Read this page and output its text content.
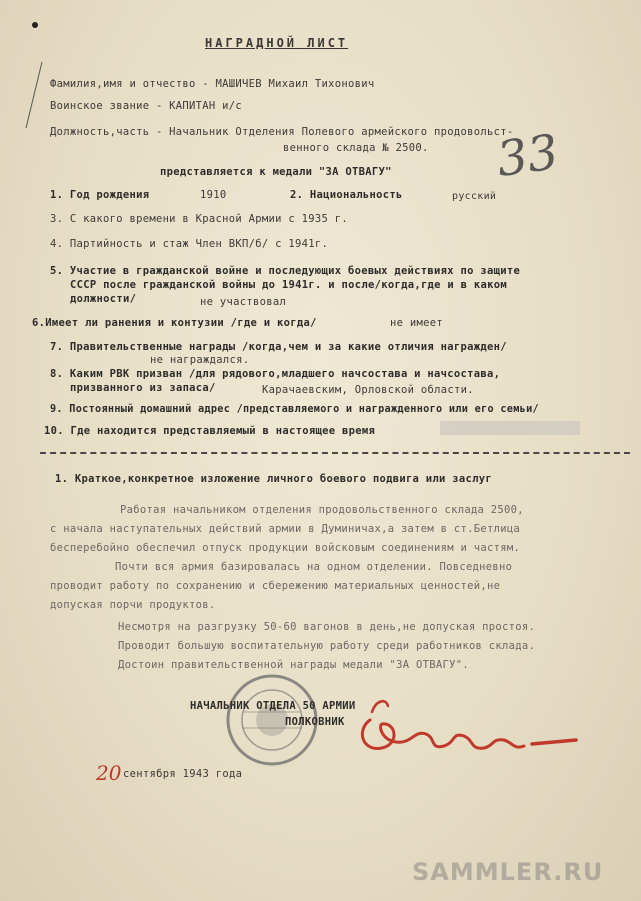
НАГРАДНОЙ ЛИСТ
Фамилия,имя и отчество - МАШИЧЕВ Михаил Тихонович
Воинское звание - КАПИТАН и/с
Должность,часть - Начальник Отделения Полевого армейского продовольст-
венного склада № 2500.
представляется к медали "ЗА ОТВАГУ" 33
1. Год рождения	1910	2. Национальность	русский
3. С какого времени в Красной Армии с 1935 г.
4. Партийность и стаж Член ВКП/б/ с 1941г.
5. Участие в гражданской войне и последующих боевых действиях по защите
СССР после гражданской войны до 1941г. и после/когда,где и в каком
должности/	не участвовал
6.Имеет ли ранения и контузии /где и когда/	не имеет
7. Правительственные награды /когда,чем и за какие отличия награжден/
не награждался.
8. Каким РВК призван /для рядового,младшего начсостава и начсостава,
призванного из запаса/	Карачаевским, Орловской области.
9. Постоянный домашний адрес /представляемого и награжденного или его семьи/
10. Где находится представляемый в настоящее время
1. Краткое,конкретное изложение личного боевого подвига или заслуг
Работая начальником отделения продовольственного склада 2500,
с начала наступательных действий армии в Думиничах,а затем в ст.Бетлица
бесперебойно обеспечил отпуск продукции войсковым соединениям и частям.
Почти вся армия базировалась на одном отделении. Повседневно
проводит работу по сохранению и сбережению материальных ценностей,не
допуская порчи продуктов.
Несмотря на разгрузку 50-60 вагонов в день,не допуская простоя.
Проводит большую воспитательную работу среди работников склада.
Достоин правительственной награды медали "ЗА ОТВАГУ".
НАЧАЛЬНИК ОТДЕЛА 50 АРМИИ
ПОЛКОВНИК
20 сентября 1943 года
SAMMLER.RU
